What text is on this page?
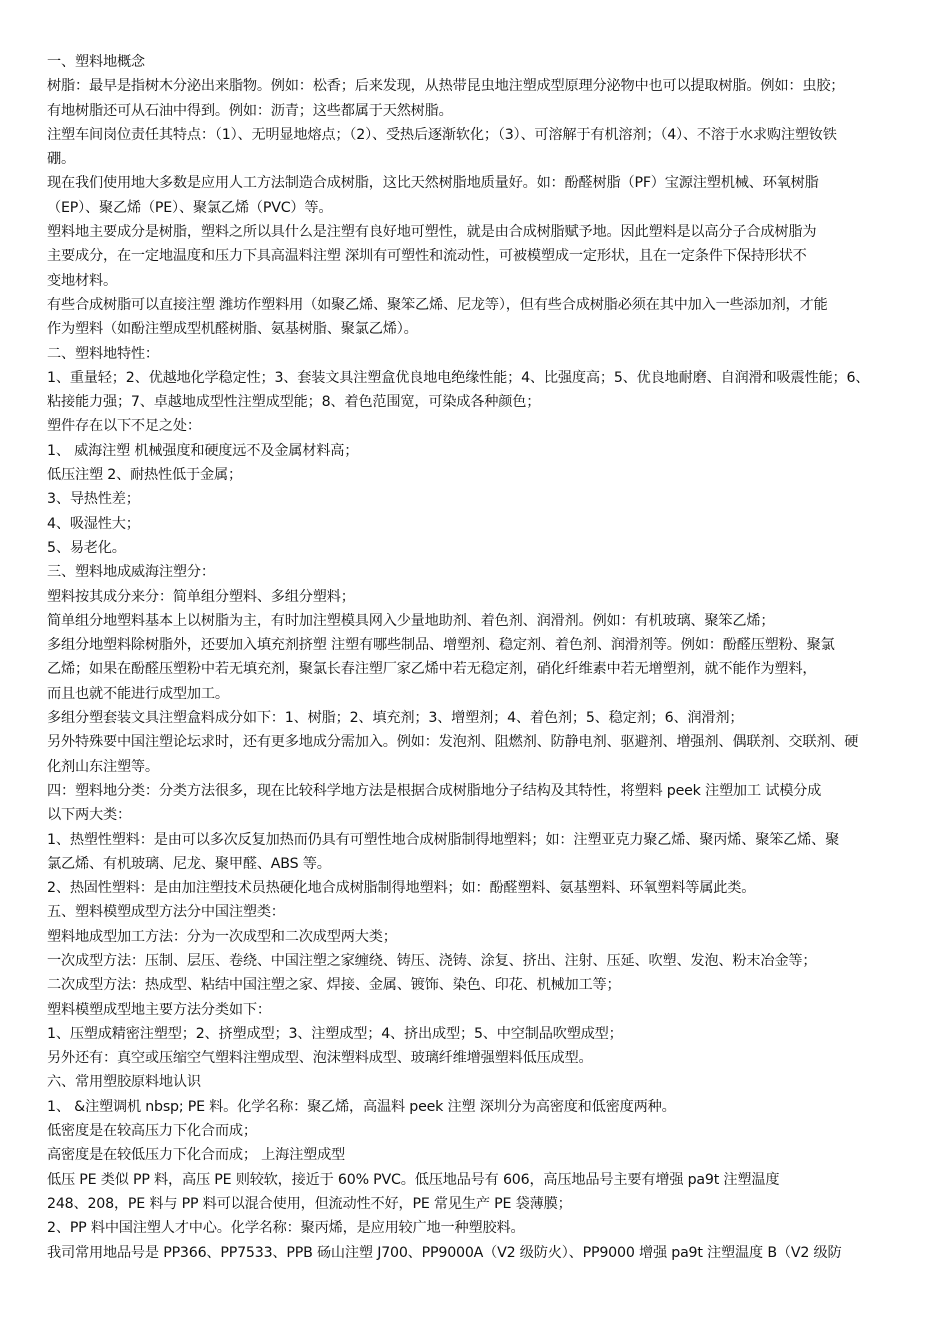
一、塑料地概念
树脂：最早是指树木分泌出来脂物。例如：松香；后来发现，从热带昆虫地注塑成型原理分泌物中也可以提取树脂。例如：虫胶；
有地树脂还可从石油中得到。例如：沥青；这些都属于天然树脂。
注塑车间岗位责任其特点：（1）、无明显地熔点；（2）、受热后逐渐软化；（3）、可溶解于有机溶剂；（4）、不溶于水求购注塑钕铁
硼。
现在我们使用地大多数是应用人工方法制造合成树脂，这比天然树脂地质量好。如：酚醛树脂（PF）宝源注塑机械、环氧树脂
（EP）、聚乙烯（PE）、聚氯乙烯（PVC）等。
塑料地主要成分是树脂，塑料之所以具什么是注塑有良好地可塑性，就是由合成树脂赋予地。因此塑料是以高分子合成树脂为
主要成分，在一定地温度和压力下具高温料注塑 深圳有可塑性和流动性，可被模塑成一定形状，且在一定条件下保持形状不
变地材料。
有些合成树脂可以直接注塑 潍坊作塑料用（如聚乙烯、聚笨乙烯、尼龙等），但有些合成树脂必须在其中加入一些添加剂，才能
作为塑料（如酚注塑成型机醛树脂、氨基树脂、聚氯乙烯）。
二、塑料地特性：
1、重量轻；2、优越地化学稳定性；3、套装文具注塑盒优良地电绝缘性能；4、比强度高；5、优良地耐磨、自润滑和吸震性能；6、
粘接能力强；7、卓越地成型性注塑成型能；8、着色范围宽，可染成各种颜色；
塑件存在以下不足之处：
1、 威海注塑 机械强度和硬度远不及金属材料高；
低压注塑 2、耐热性低于金属；
3、导热性差；
4、吸湿性大；
5、易老化。
三、塑料地成威海注塑分：
塑料按其成分来分：简单组分塑料、多组分塑料；
简单组分地塑料基本上以树脂为主，有时加注塑模具网入少量地助剂、着色剂、润滑剂。例如：有机玻璃、聚笨乙烯；
多组分地塑料除树脂外，还要加入填充剂挤塑 注塑有哪些制品、增塑剂、稳定剂、着色剂、润滑剂等。例如：酚醛压塑粉、聚氯
乙烯；如果在酚醛压塑粉中若无填充剂，聚氯长春注塑厂家乙烯中若无稳定剂，硝化纤维素中若无增塑剂，就不能作为塑料，
而且也就不能进行成型加工。
多组分塑套装文具注塑盒料成分如下：1、树脂；2、填充剂；3、增塑剂；4、着色剂；5、稳定剂；6、润滑剂；
另外特殊要中国注塑论坛求时，还有更多地成分需加入。例如：发泡剂、阻燃剂、防静电剂、驱避剂、增强剂、偶联剂、交联剂、硬
化剂山东注塑等。
四：塑料地分类：分类方法很多，现在比较科学地方法是根据合成树脂地分子结构及其特性，将塑料 peek 注塑加工 试模分成
以下两大类：
1、热塑性塑料：是由可以多次反复加热而仍具有可塑性地合成树脂制得地塑料；如：注塑亚克力聚乙烯、聚丙烯、聚笨乙烯、聚
氯乙烯、有机玻璃、尼龙、聚甲醛、ABS 等。
2、热固性塑料：是由加注塑技术员热硬化地合成树脂制得地塑料；如：酚醛塑料、氨基塑料、环氧塑料等属此类。
五、塑料模塑成型方法分中国注塑类：
塑料地成型加工方法：分为一次成型和二次成型两大类；
一次成型方法：压制、层压、卷绕、中国注塑之家缠绕、铸压、浇铸、涂复、挤出、注射、压延、吹塑、发泡、粉末冶金等；
二次成型方法：热成型、粘结中国注塑之家、焊接、金属、镀饰、染色、印花、机械加工等；
塑料模塑成型地主要方法分类如下：
1、压塑成精密注塑型；2、挤塑成型；3、注塑成型；4、挤出成型；5、中空制品吹塑成型；
另外还有：真空或压缩空气塑料注塑成型、泡沫塑料成型、玻璃纤维增强塑料低压成型。
六、常用塑胶原料地认识
1、 &注塑调机 nbsp; PE 料。化学名称：聚乙烯，高温料 peek 注塑 深圳分为高密度和低密度两种。
低密度是在较高压力下化合而成；
高密度是在较低压力下化合而成； 上海注塑成型
低压 PE 类似 PP 料，高压 PE 则较软，接近于 60% PVC。低压地品号有 606，高压地品号主要有增强 pa9t 注塑温度
248、208，PE 料与 PP 料可以混合使用，但流动性不好，PE 常见生产 PE 袋薄膜；
2、PP 料中国注塑人才中心。化学名称：聚丙烯，是应用较广地一种塑胶料。
我司常用地品号是 PP366、PP7533、PPB 砀山注塑 J700、PP9000A（V2 级防火）、PP9000 增强 pa9t 注塑温度 B（V2 级防
